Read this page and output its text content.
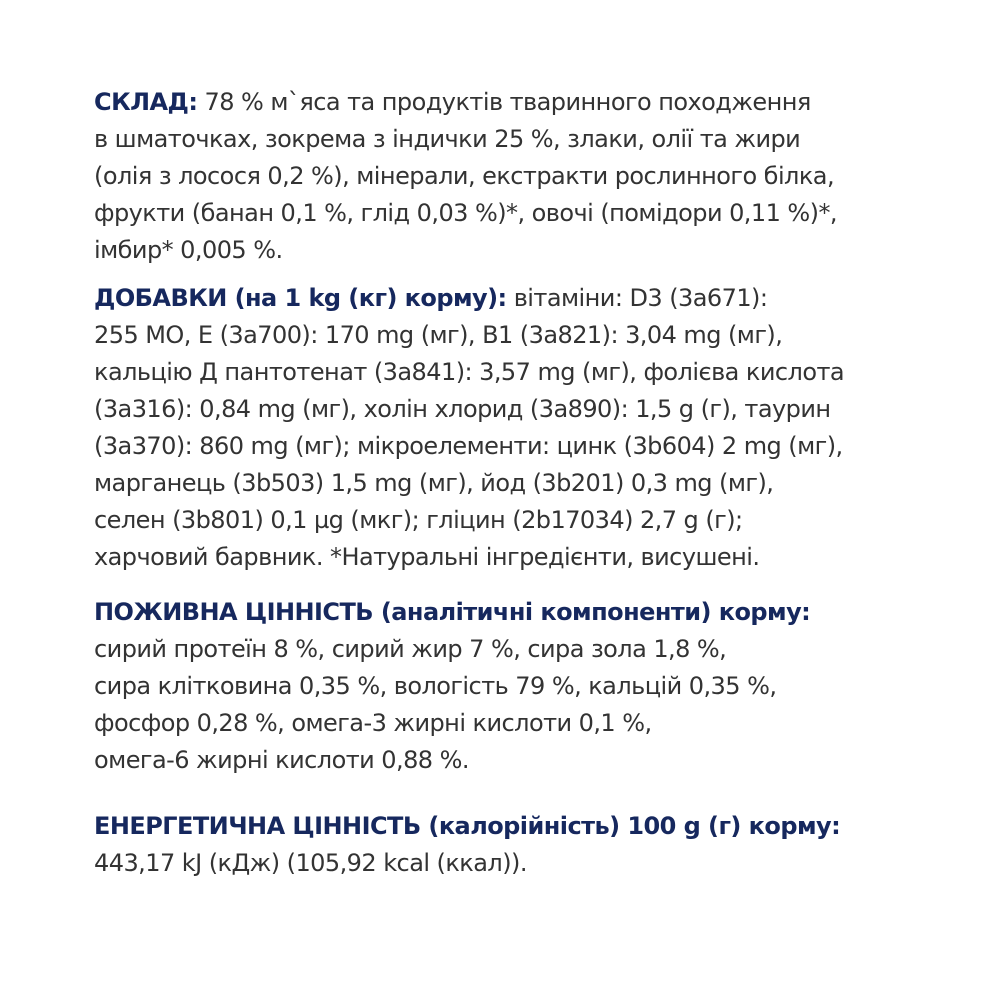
СКЛАД: 78 % м`яса та продуктів тваринного походження
в шматочках, зокрема з індички 25 %, злаки, олії та жири
(олія з лосося 0,2 %), мінерали, екстракти рослинного білка,
фрукти (банан 0,1 %, глід 0,03 %)*, овочі (помідори 0,11 %)*,
імбир* 0,005 %.
ДОБАВКИ (на 1 kg (кг) корму): вітаміни: D3 (3а671):
255 МО, E (3а700): 170 mg (мг), B1 (3а821): 3,04 mg (мг),
кальцію Д пантотенат (3а841): 3,57 mg (мг), фолієва кислота
(3а316): 0,84 mg (мг), холін хлорид (3а890): 1,5 g (г), таурин
(3а370): 860 mg (мг); мікроелементи: цинк (3b604) 2 mg (мг),
марганець (3b503) 1,5 mg (мг), йод (3b201) 0,3 mg (мг),
селен (3b801) 0,1 µg (мкг); гліцин (2b17034) 2,7 g (г);
харчовий барвник. *Натуральні інгредієнти, висушені.
ПОЖИВНА ЦІННІСТЬ (аналітичні компоненти) корму:
сирий протеїн 8 %, сирий жир 7 %, сира зола 1,8 %,
сира клітковина 0,35 %, вологість 79 %, кальцій 0,35 %,
фосфор 0,28 %, омега-3 жирні кислоти 0,1 %,
омега-6 жирні кислоти 0,88 %.
ЕНЕРГЕТИЧНА ЦІННІСТЬ (калорійність) 100 g (г) корму:
443,17 kJ (кДж) (105,92 kcal (ккал)).
